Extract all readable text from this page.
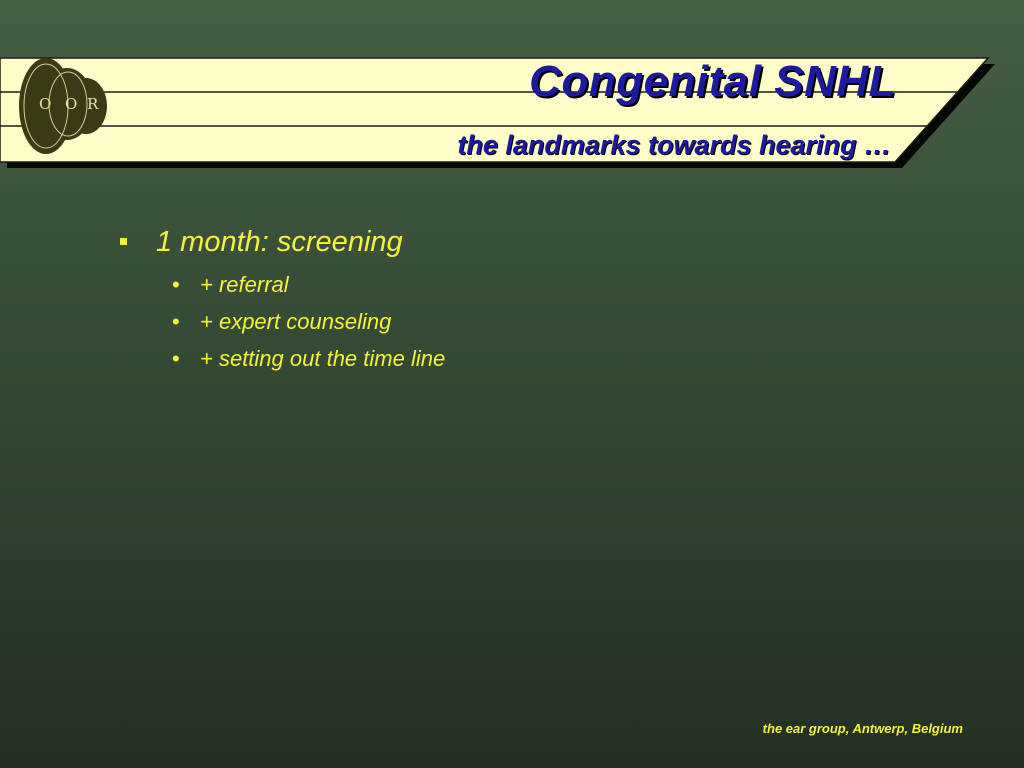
O O R	Congenital SNHL
the landmarks towards hearing …
1 month: screening
• + referral
• + expert counseling
• + setting out the time line
the ear group, Antwerp, Belgium
